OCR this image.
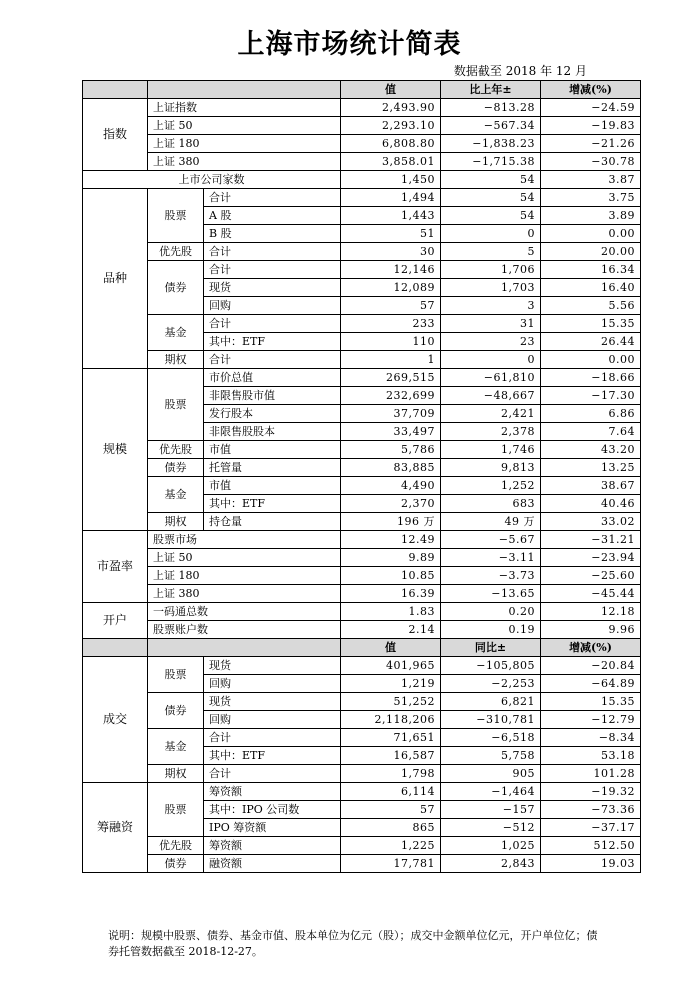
上海市场统计简表
数据截至 2018 年 12 月
			值	比上年±	增减(%)
指数	上证指数		2,493.90	−813.28	−24.59
	上证 50		2,293.10	−567.34	−19.83
	上证 180		6,808.80	−1,838.23	−21.26
	上证 380		3,858.01	−1,715.38	−30.78
上市公司家数			1,450	54	3.87
品种	股票	合计	1,494	54	3.75
		A 股	1,443	54	3.89
		B 股	51	0	0.00
	优先股	合计	30	5	20.00
	债券	合计	12,146	1,706	16.34
		现货	12,089	1,703	16.40
		回购	57	3	5.56
	基金	合计	233	31	15.35
		其中：ETF	110	23	26.44
	期权	合计	1	0	0.00
规模	股票	市价总值	269,515	−61,810	−18.66
		非限售股市值	232,699	−48,667	−17.30
		发行股本	37,709	2,421	6.86
		非限售股股本	33,497	2,378	7.64
	优先股	市值	5,786	1,746	43.20
	债券	托管量	83,885	9,813	13.25
	基金	市值	4,490	1,252	38.67
		其中：ETF	2,370	683	40.46
	期权	持仓量	196 万	49 万	33.02
市盈率	股票市场		12.49	−5.67	−31.21
	上证 50		9.89	−3.11	−23.94
	上证 180		10.85	−3.73	−25.60
	上证 380		16.39	−13.65	−45.44
开户	一码通总数		1.83	0.20	12.18
	股票账户数		2.14	0.19	9.96
			值	同比±	增减(%)
成交	股票	现货	401,965	−105,805	−20.84
		回购	1,219	−2,253	−64.89
	债券	现货	51,252	6,821	15.35
		回购	2,118,206	−310,781	−12.79
	基金	合计	71,651	−6,518	−8.34
		其中：ETF	16,587	5,758	53.18
	期权	合计	1,798	905	101.28
筹融资	股票	筹资额	6,114	−1,464	−19.32
		其中：IPO 公司数	57	−157	−73.36
		IPO 筹资额	865	−512	−37.17
	优先股	筹资额	1,225	1,025	512.50
	债券	融资额	17,781	2,843	19.03
说明：规模中股票、债券、基金市值、股本单位为亿元（股）；成交中金额单位亿元，开户单位亿；债券托管数据截至 2018-12-27。
